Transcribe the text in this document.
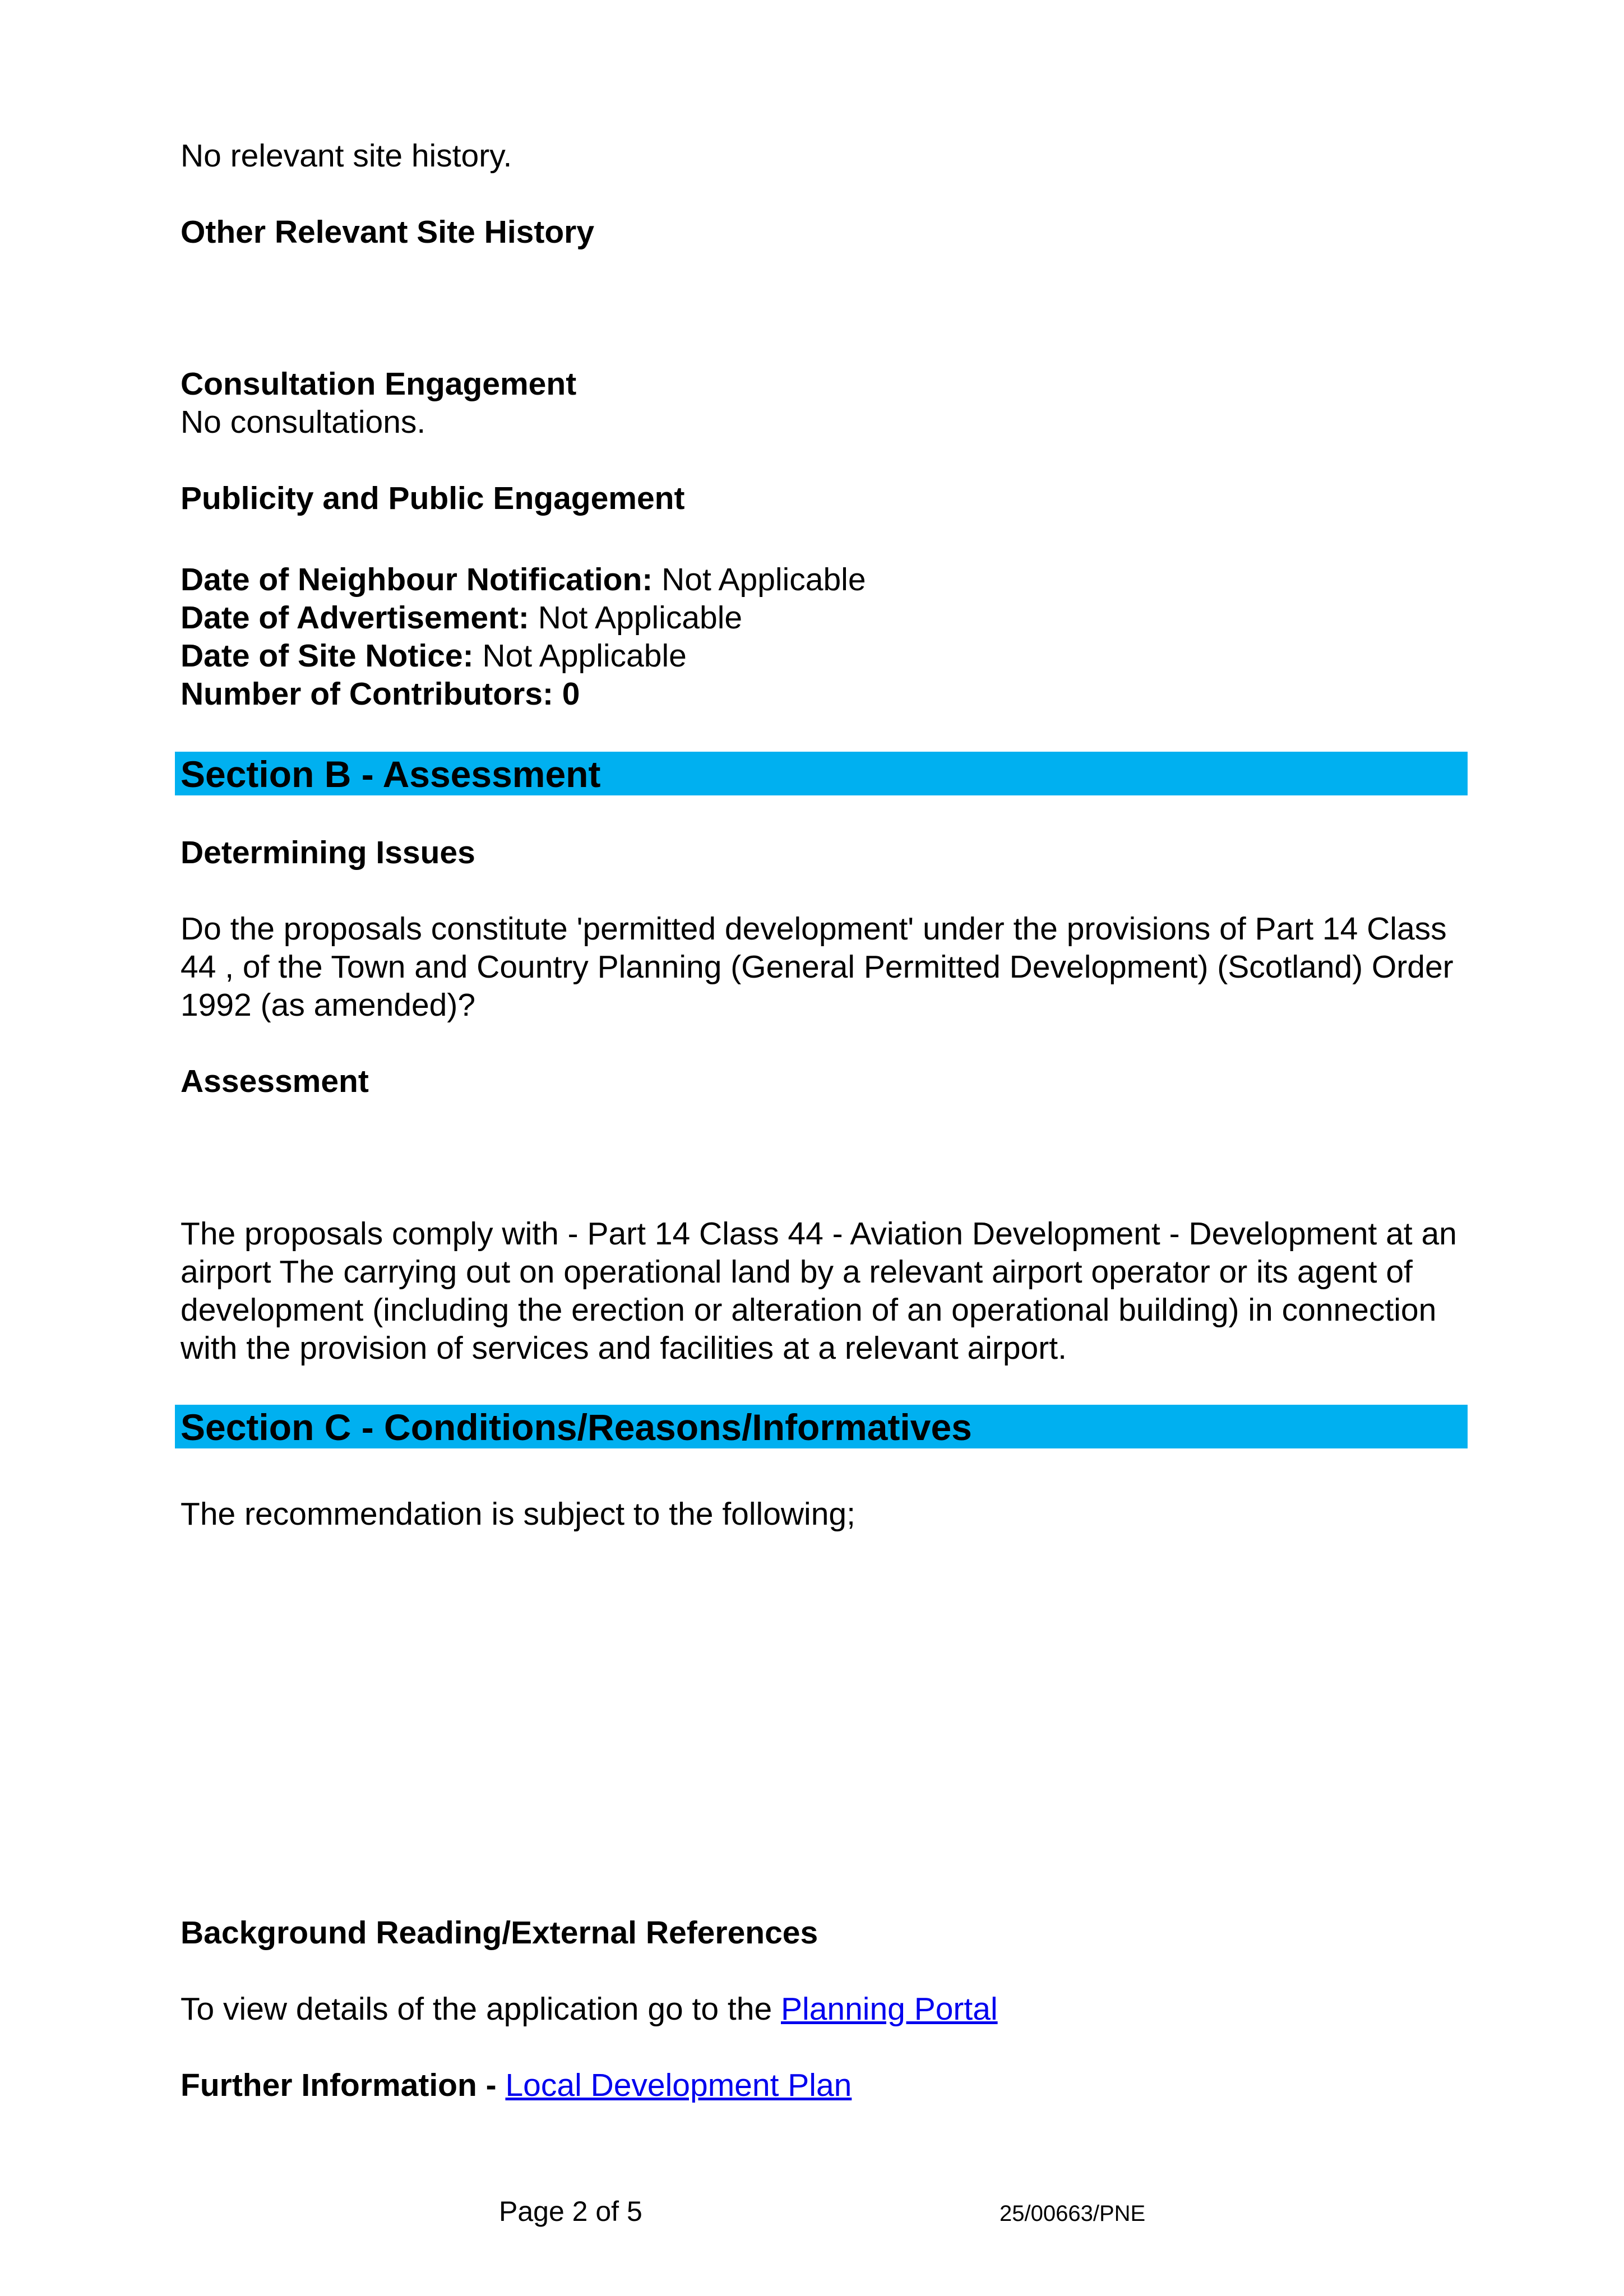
No relevant site history.

Other Relevant Site History

Consultation Engagement

No consultations.

Publicity and Public Engagement

Date of Neighbour Notification: Not Applicable

Date of Advertisement: Not Applicable

Date of Site Notice: Not Applicable

Number of Contributors: 0

Section B - Assessment

Determining Issues

Do the proposals constitute 'permitted development' under the provisions of Part 14 Class 44 , of the Town and Country Planning (General Permitted Development) (Scotland) Order 1992 (as amended)?

Assessment

The proposals comply with - Part 14 Class 44 - Aviation Development - Development at an airport The carrying out on operational land by a relevant airport operator or its agent of development (including the erection or alteration of an operational building) in connection with the provision of services and facilities at a relevant airport.

Section C - Conditions/Reasons/Informatives

The recommendation is subject to the following;

Background Reading/External References

To view details of the application go to the Planning Portal

Further Information - Local Development Plan

Page 2 of 5	25/00663/PNE
